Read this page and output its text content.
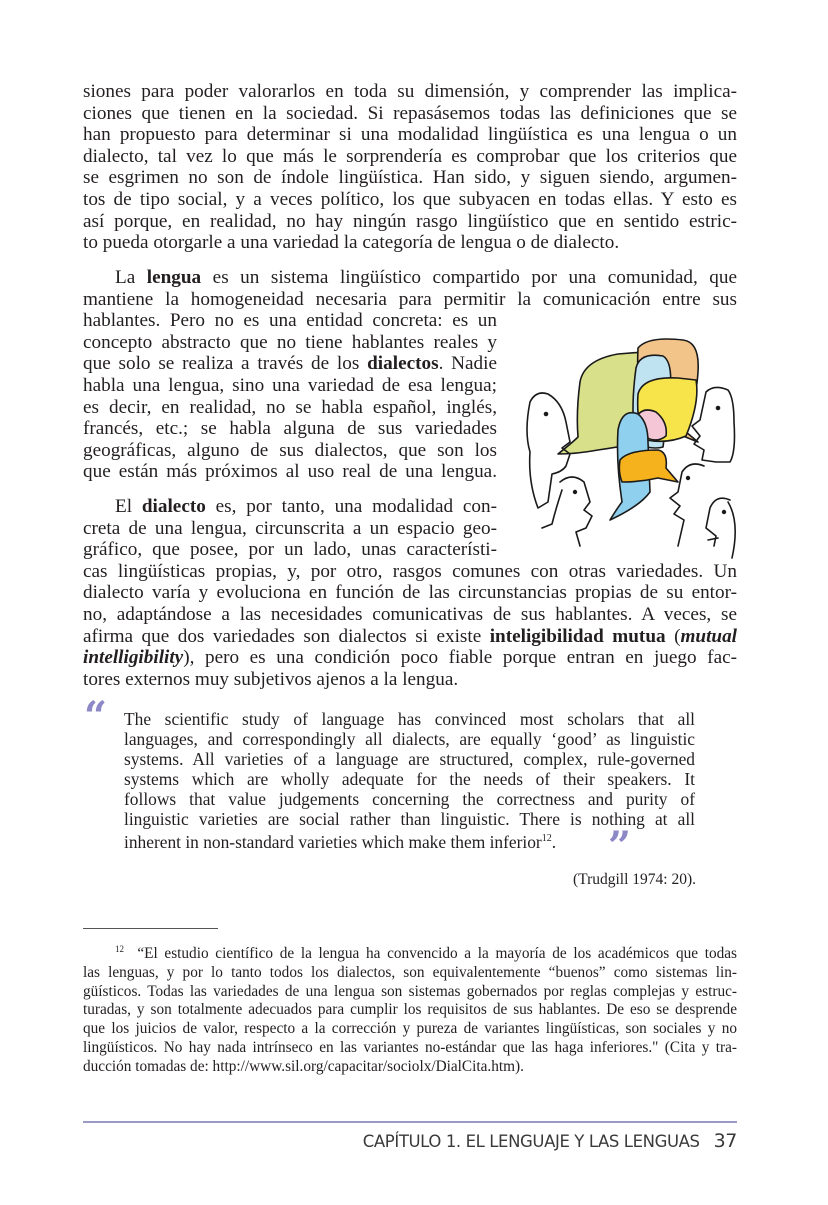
siones para poder valorarlos en toda su dimensión, y comprender las implica-
ciones que tienen en la sociedad. Si repasásemos todas las definiciones que se
han propuesto para determinar si una modalidad lingüística es una lengua o un
dialecto, tal vez lo que más le sorprendería es comprobar que los criterios que
se esgrimen no son de índole lingüística. Han sido, y siguen siendo, argumen-
tos de tipo social, y a veces político, los que subyacen en todas ellas. Y esto es
así porque, en realidad, no hay ningún rasgo lingüístico que en sentido estric-
to pueda otorgarle a una variedad la categoría de lengua o de dialecto.
La lengua es un sistema lingüístico compartido por una comunidad, que
mantiene la homogeneidad necesaria para permitir la comunicación entre sus
hablantes. Pero no es una entidad concreta: es un
concepto abstracto que no tiene hablantes reales y
que solo se realiza a través de los dialectos. Nadie
habla una lengua, sino una variedad de esa lengua;
es decir, en realidad, no se habla español, inglés,
francés, etc.; se habla alguna de sus variedades
geográficas, alguno de sus dialectos, que son los
que están más próximos al uso real de una lengua.
El dialecto es, por tanto, una modalidad con-
creta de una lengua, circunscrita a un espacio geo-
gráfico, que posee, por un lado, unas característi-
cas lingüísticas propias, y, por otro, rasgos comunes con otras variedades. Un
dialecto varía y evoluciona en función de las circunstancias propias de su entor-
no, adaptándose a las necesidades comunicativas de sus hablantes. A veces, se
afirma que dos variedades son dialectos si existe inteligibilidad mutua (mutual
intelligibility), pero es una condición poco fiable porque entran en juego fac-
tores externos muy subjetivos ajenos a la lengua.
“ The scientific study of language has convinced most scholars that all
languages, and correspondingly all dialects, are equally ‘good’ as linguistic
systems. All varieties of a language are structured, complex, rule-governed
systems which are wholly adequate for the needs of their speakers. It
follows that value judgements concerning the correctness and purity of
linguistic varieties are social rather than linguistic. There is nothing at all
inherent in non-standard varieties which make them inferior$^{12}$.	”
(Trudgill 1974: 20).
$^{12}$ “El estudio científico de la lengua ha convencido a la mayoría de los académicos que todas
las lenguas, y por lo tanto todos los dialectos, son equivalentemente “buenos” como sistemas lin-
güísticos. Todas las variedades de una lengua son sistemas gobernados por reglas complejas y estruc-
turadas, y son totalmente adecuados para cumplir los requisitos de sus hablantes. De eso se desprende
que los juicios de valor, respecto a la corrección y pureza de variantes lingüísticas, son sociales y no
lingüísticos. No hay nada intrínseco en las variantes no-estándar que las haga inferiores." (Cita y tra-
ducción tomadas de: http://www.sil.org/capacitar/sociolx/DialCita.htm).
CAPÍTULO 1. EL LENGUAJE Y LAS LENGUAS 37
